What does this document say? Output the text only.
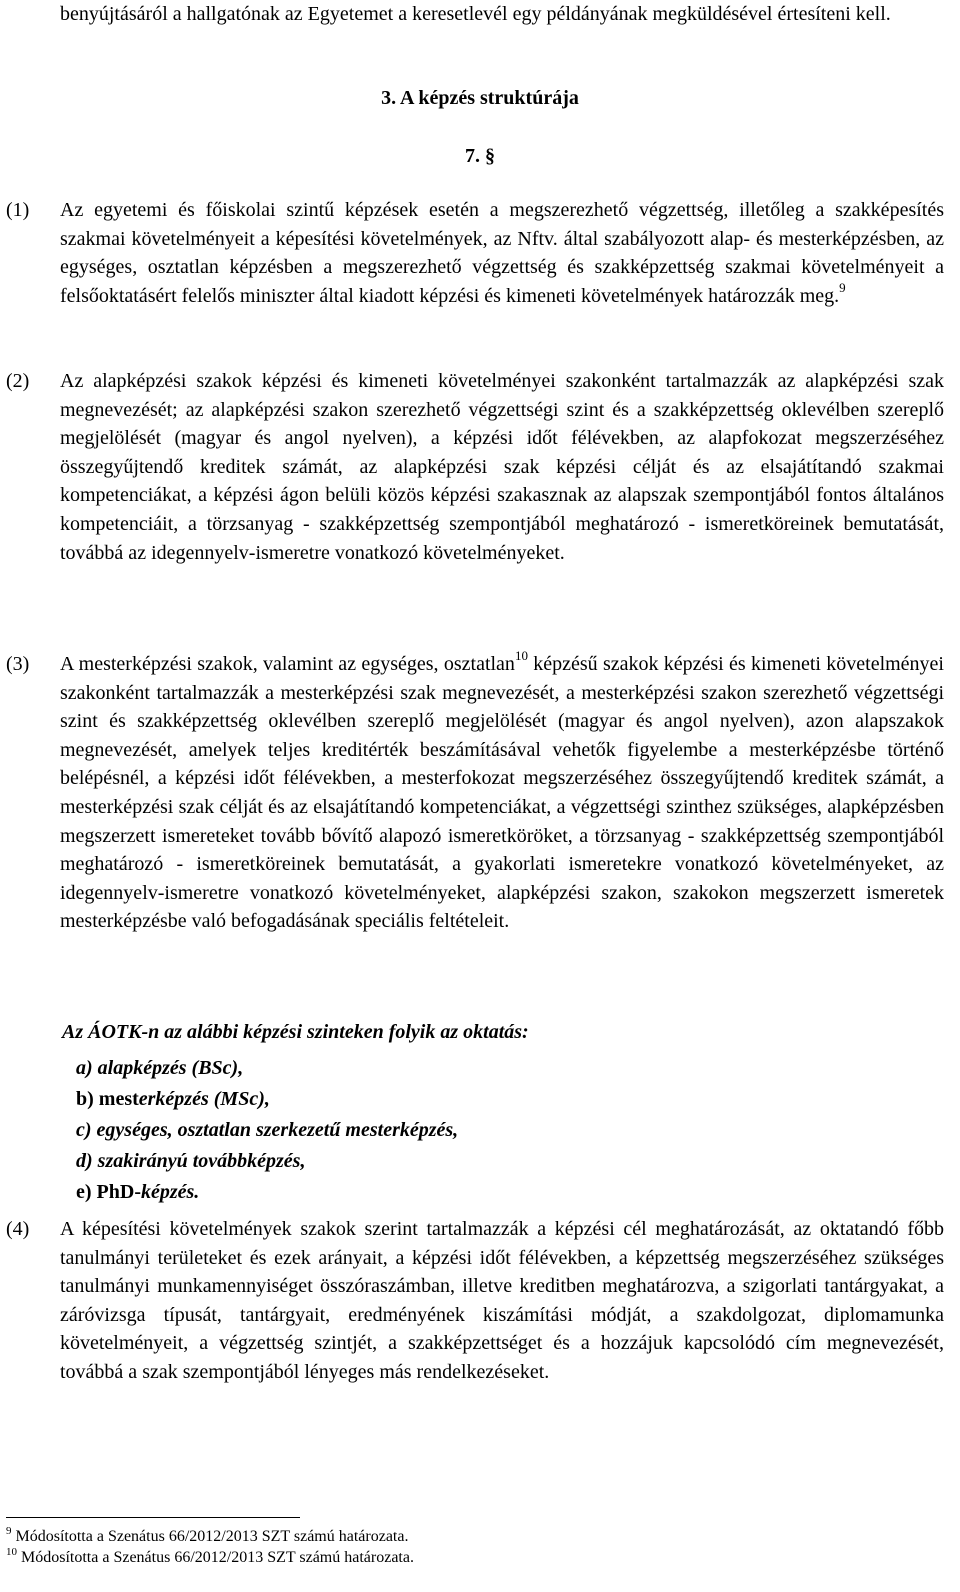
benyújtásáról a hallgatónak az Egyetemet a keresetlevél egy példányának megküldésével értesíteni kell.
3. A képzés struktúrája
7. §
(1) Az egyetemi és főiskolai szintű képzések esetén a megszerezhető végzettség, illetőleg a szakképesítés szakmai követelményeit a képesítési követelmények, az Nftv. által szabályozott alap- és mesterképzésben, az egységes, osztatlan képzésben a megszerezhető végzettség és szakképzettség szakmai követelményeit a felsőoktatásért felelős miniszter által kiadott képzési és kimeneti követelmények határozzák meg.$^9$
(2) Az alapképzési szakok képzési és kimeneti követelményei szakonként tartalmazzák az alapképzési szak megnevezését; az alapképzési szakon szerezhető végzettségi szint és a szakképzettség oklevélben szereplő megjelölését (magyar és angol nyelven), a képzési időt félévekben, az alapfokozat megszerzéséhez összegyűjtendő kreditek számát, az alapképzési szak képzési célját és az elsajátítandó szakmai kompetenciákat, a képzési ágon belüli közös képzési szakasznak az alapszak szempontjából fontos általános kompetenciáit, a törzsanyag - szakképzettség szempontjából meghatározó - ismeretköreinek bemutatását, továbbá az idegennyelv-ismeretre vonatkozó követelményeket.
(3) A mesterképzési szakok, valamint az egységes, osztatlan$^{10}$ képzésű szakok képzési és kimeneti követelményei szakonként tartalmazzák a mesterképzési szak megnevezését, a mesterképzési szakon szerezhető végzettségi szint és szakképzettség oklevélben szereplő megjelölését (magyar és angol nyelven), azon alapszakok megnevezését, amelyek teljes kreditérték beszámításával vehetők figyelembe a mesterképzésbe történő belépésnél, a képzési időt félévekben, a mesterfokozat megszerzéséhez összegyűjtendő kreditek számát, a mesterképzési szak célját és az elsajátítandó kompetenciákat, a végzettségi szinthez szükséges, alapképzésben megszerzett ismereteket tovább bővítő alapozó ismeretköröket, a törzsanyag - szakképzettség szempontjából meghatározó - ismeretköreinek bemutatását, a gyakorlati ismeretekre vonatkozó követelményeket, az idegennyelv-ismeretre vonatkozó követelményeket, alapképzési szakon, szakokon megszerzett ismeretek mesterképzésbe való befogadásának speciális feltételeit.
Az ÁOTK-n az alábbi képzési szinteken folyik az oktatás:
a) alapképzés (BSc),
b) mesterképzés (MSc),
c) egységes, osztatlan szerkezetű mesterképzés,
d) szakirányú továbbképzés,
e) PhD-képzés.
(4) A képesítési követelmények szakok szerint tartalmazzák a képzési cél meghatározását, az oktatandó főbb tanulmányi területeket és ezek arányait, a képzési időt félévekben, a képzettség megszerzéséhez szükséges tanulmányi munkamennyiséget összóraszámban, illetve kreditben meghatározva, a szigorlati tantárgyakat, a záróvizsga típusát, tantárgyait, eredményének kiszámítási módját, a szakdolgozat, diplomamunka követelményeit, a végzettség szintjét, a szakképzettséget és a hozzájuk kapcsolódó cím megnevezését, továbbá a szak szempontjából lényeges más rendelkezéseket.
$^9$ Módosította a Szenátus 66/2012/2013 SZT számú határozata.
$^{10}$ Módosította a Szenátus 66/2012/2013 SZT számú határozata.
